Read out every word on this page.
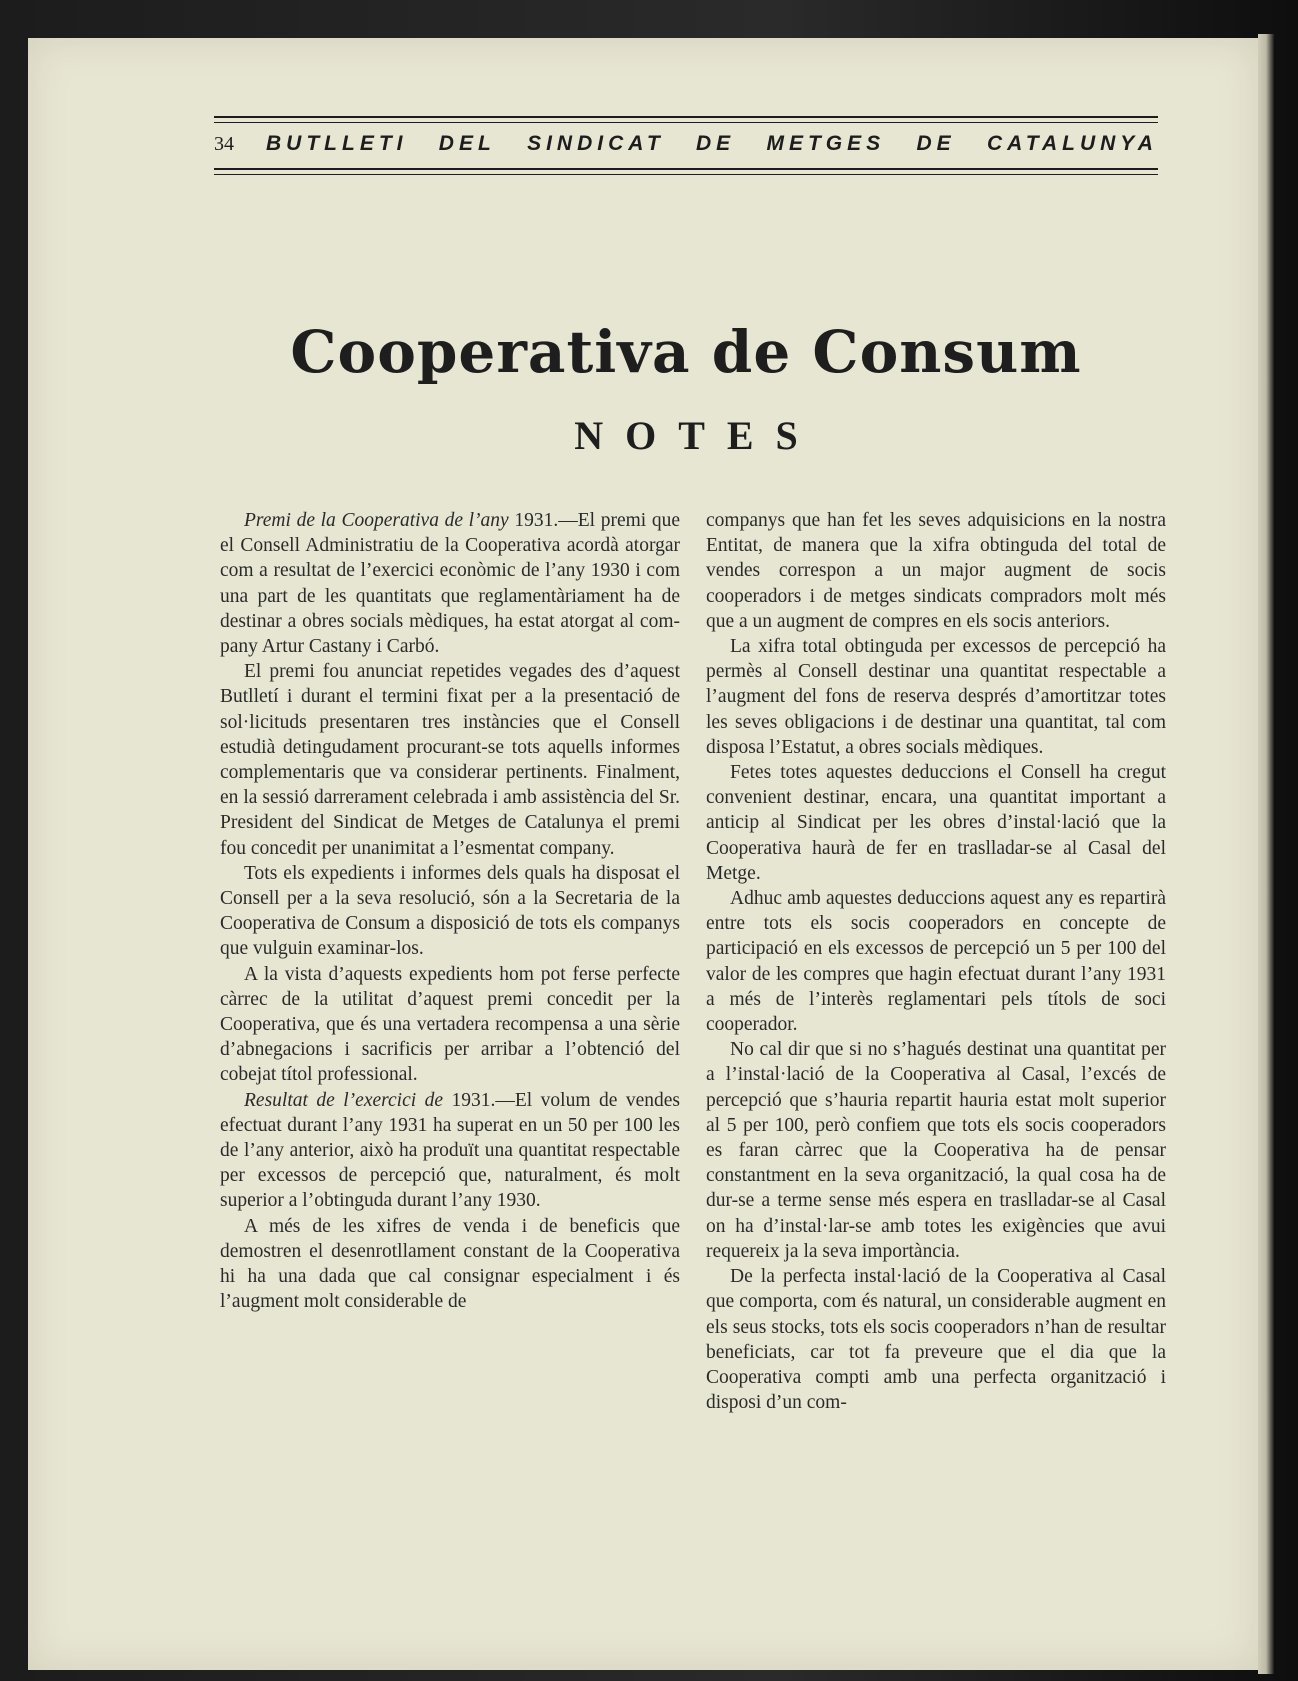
34	BUTLLETI DEL SINDICAT DE METGES DE CATALUNYA
Cooperativa de Consum
NOTES

Premi de la Cooperativa de l’any 1931.—El premi que el Consell Administratiu de la Cooperativa acordà atorgar com a resultat de l’exercici econòmic de l’any 1930 i com una part de les quantitats que reglamentàriament ha de destinar a obres socials mèdiques, ha estat atorgat al company Artur Castany i Carbó.

El premi fou anunciat repetides vegades des d’aquest Butlletí i durant el termini fixat per a la presentació de sol·licituds presentaren tres instàncies que el Consell estudià detingudament procurant-se tots aquells informes complementaris que va considerar pertinents. Finalment, en la sessió darrerament celebrada i amb assistència del Sr. President del Sindicat de Metges de Catalunya el premi fou concedit per unanimitat a l’esmentat company.

Tots els expedients i informes dels quals ha disposat el Consell per a la seva resolució, són a la Secretaria de la Cooperativa de Consum a disposició de tots els companys que vulguin examinar-los.

A la vista d’aquests expedients hom pot ferse perfecte càrrec de la utilitat d’aquest premi concedit per la Cooperativa, que és una vertadera recompensa a una sèrie d’abnegacions i sacrificis per arribar a l’obtenció del cobejat títol professional.

Resultat de l’exercici de 1931.—El volum de vendes efectuat durant l’any 1931 ha superat en un 50 per 100 les de l’any anterior, això ha produït una quantitat respectable per excessos de percepció que, naturalment, és molt superior a l’obtinguda durant l’any 1930.

A més de les xifres de venda i de beneficis que demostren el desenrotllament constant de la Cooperativa hi ha una dada que cal consignar especialment i és l’augment molt considerable de

companys que han fet les seves adquisicions en la nostra Entitat, de manera que la xifra obtinguda del total de vendes correspon a un major augment de socis cooperadors i de metges sindicats compradors molt més que a un augment de compres en els socis anteriors.

La xifra total obtinguda per excessos de percepció ha permès al Consell destinar una quantitat respectable a l’augment del fons de reserva després d’amortitzar totes les seves obligacions i de destinar una quantitat, tal com disposa l’Estatut, a obres socials mèdiques.

Fetes totes aquestes deduccions el Consell ha cregut convenient destinar, encara, una quantitat important a anticip al Sindicat per les obres d’instal·lació que la Cooperativa haurà de fer en traslladar-se al Casal del Metge.

Adhuc amb aquestes deduccions aquest any es repartirà entre tots els socis cooperadors en concepte de participació en els excessos de percepció un 5 per 100 del valor de les compres que hagin efectuat durant l’any 1931 a més de l’interès reglamentari pels títols de soci cooperador.

No cal dir que si no s’hagués destinat una quantitat per a l’instal·lació de la Cooperativa al Casal, l’excés de percepció que s’hauria repartit hauria estat molt superior al 5 per 100, però confiem que tots els socis cooperadors es faran càrrec que la Cooperativa ha de pensar constantment en la seva organització, la qual cosa ha de dur-se a terme sense més espera en traslladar-se al Casal on ha d’instal·lar-se amb totes les exigències que avui requereix ja la seva importància.

De la perfecta instal·lació de la Cooperativa al Casal que comporta, com és natural, un considerable augment en els seus stocks, tots els socis cooperadors n’han de resultar beneficiats, car tot fa preveure que el dia que la Cooperativa compti amb una perfecta organització i disposi d’un com-
